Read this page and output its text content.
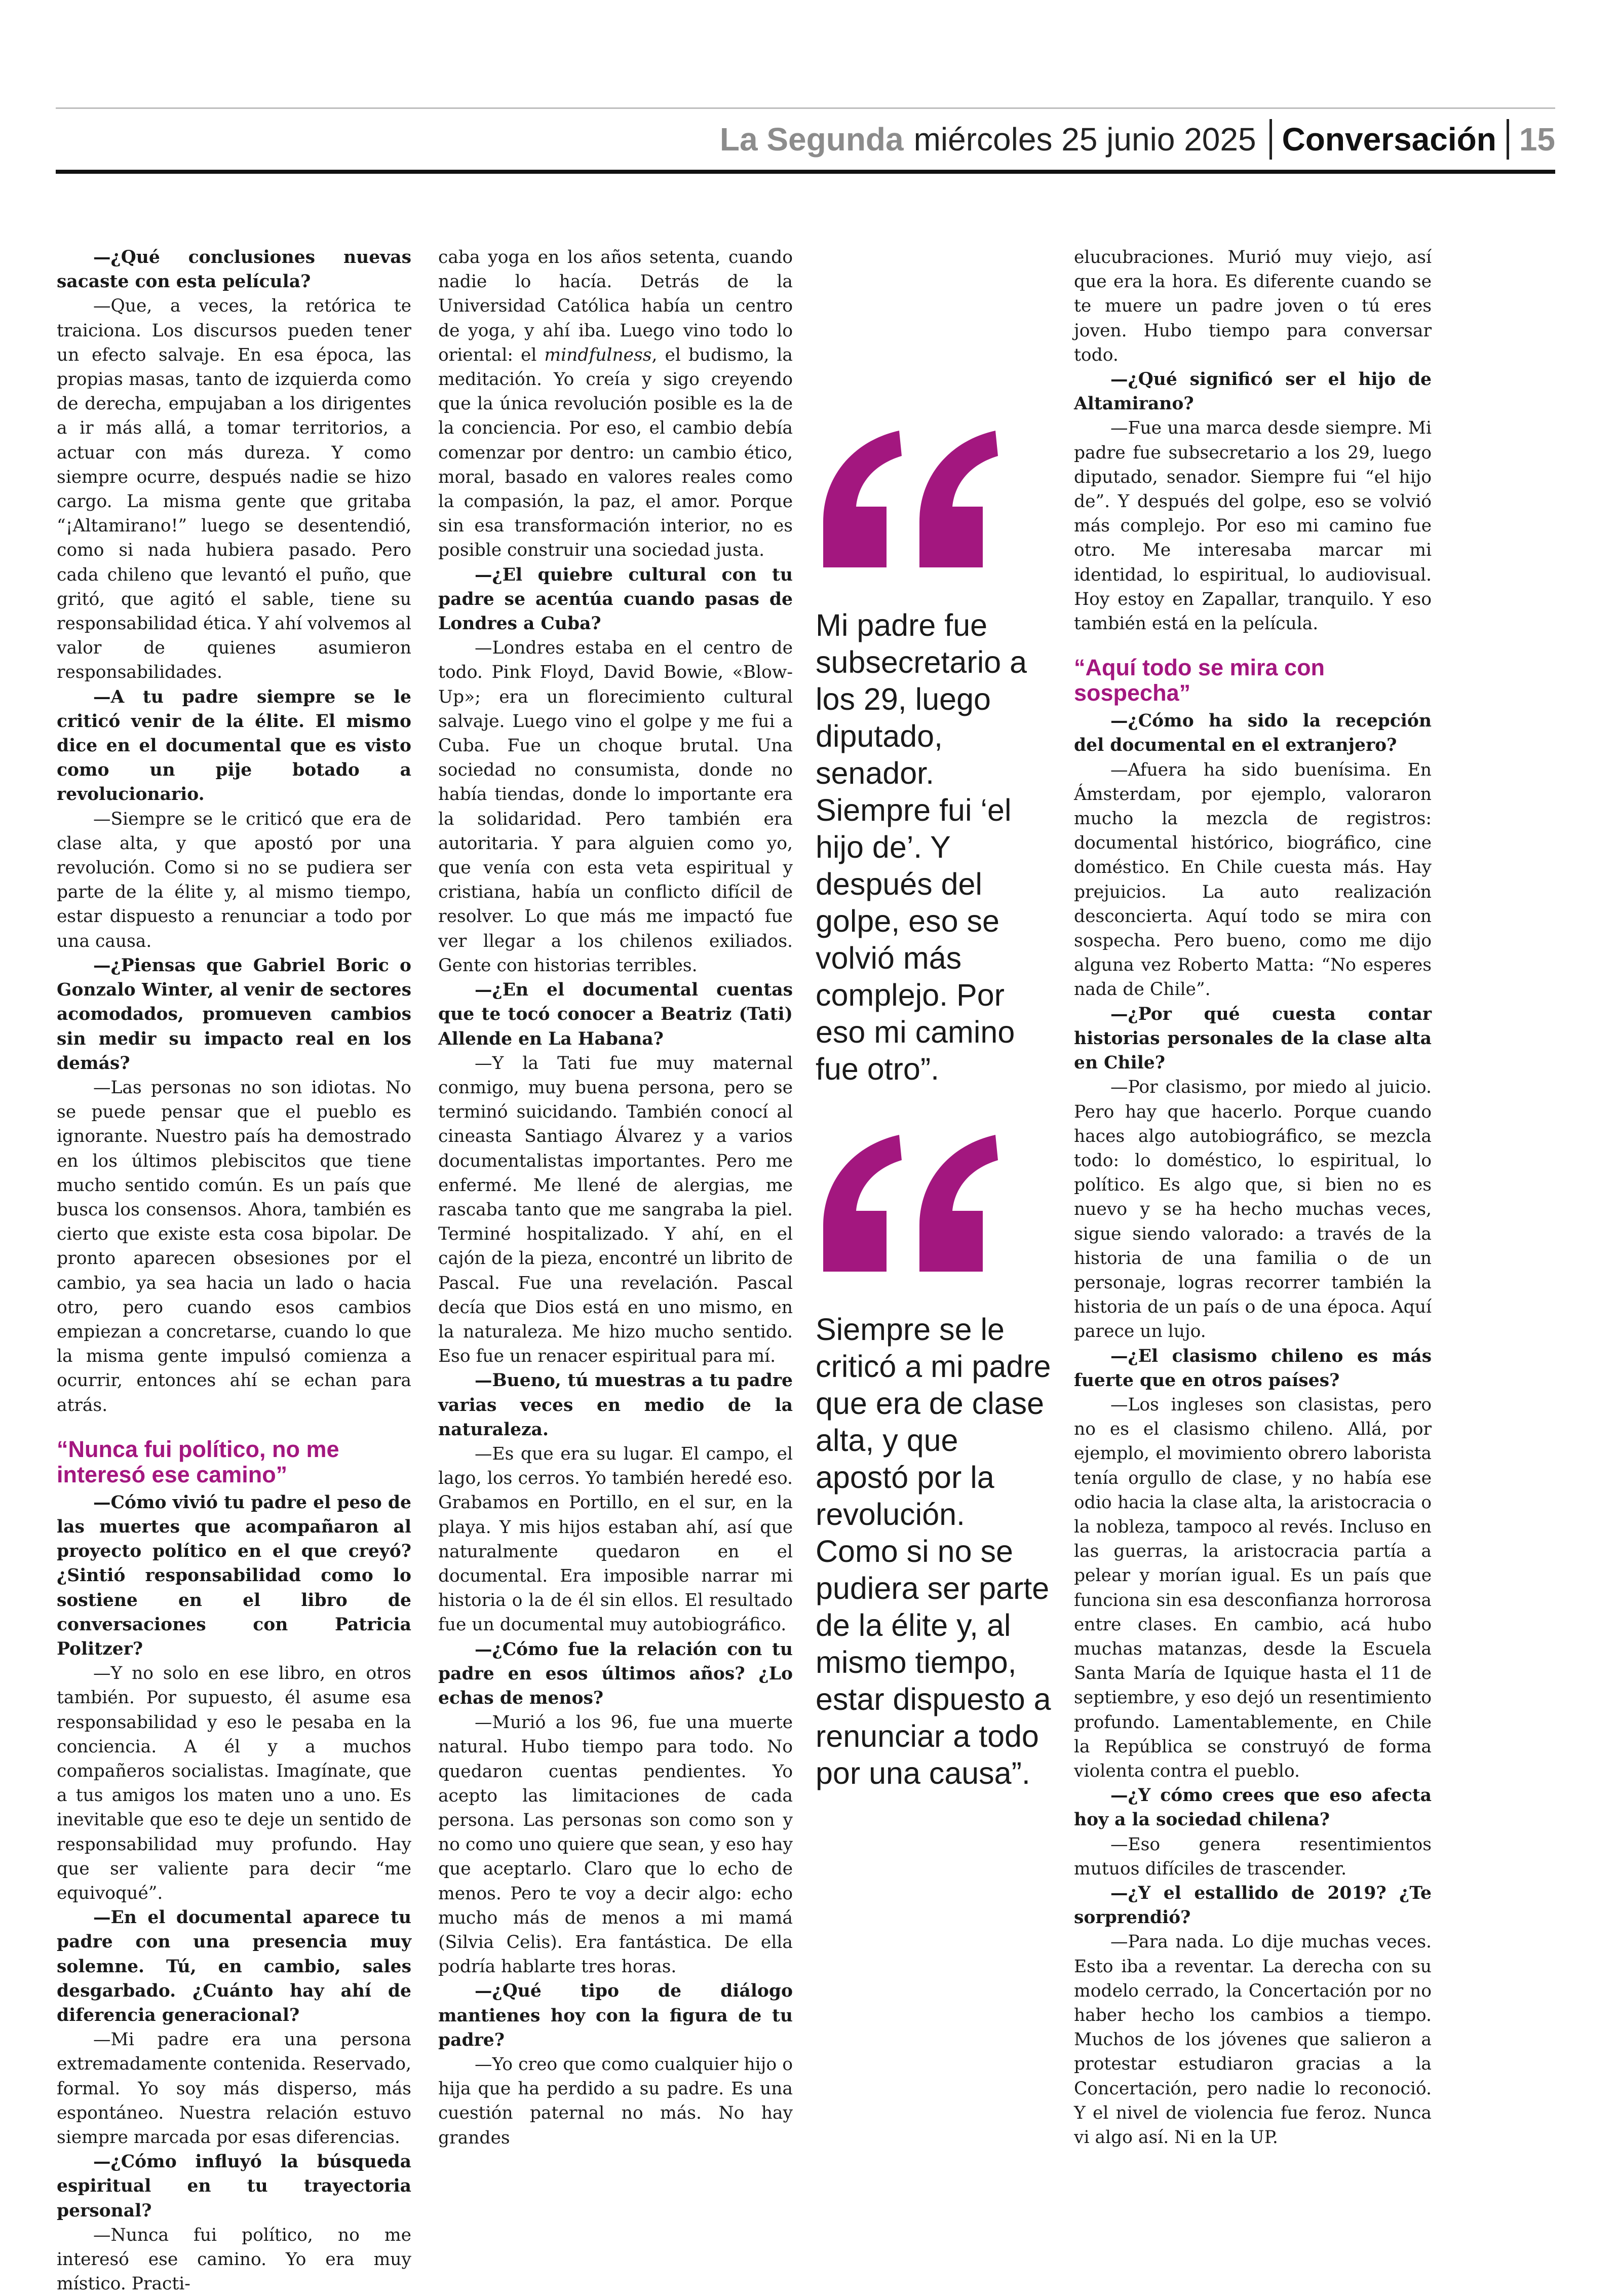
La Segunda miércoles 25 junio 2025 Conversación 15

—¿Qué conclusiones nuevas sacaste con esta película?

—Que, a veces, la retórica te traiciona. Los discursos pueden tener un efecto salvaje. En esa época, las propias masas, tanto de izquierda como de derecha, empujaban a los dirigentes a ir más allá, a tomar territorios, a actuar con más dureza. Y como siempre ocurre, después nadie se hizo cargo. La misma gente que gritaba “¡Altamirano!” luego se desentendió, como si nada hubiera pasado. Pero cada chileno que levantó el puño, que gritó, que agitó el sable, tiene su responsabilidad ética. Y ahí volvemos al valor de quienes asumieron responsabilidades.

—A tu padre siempre se le criticó venir de la élite. El mismo dice en el documental que es visto como un pije botado a revolucionario.

—Siempre se le criticó que era de clase alta, y que apostó por una revolución. Como si no se pudiera ser parte de la élite y, al mismo tiempo, estar dispuesto a renunciar a todo por una causa.

—¿Piensas que Gabriel Boric o Gonzalo Winter, al venir de sectores acomodados, promueven cambios sin medir su impacto real en los demás?

—Las personas no son idiotas. No se puede pensar que el pueblo es ignorante. Nuestro país ha demostrado en los últimos plebiscitos que tiene mucho sentido común. Es un país que busca los consensos. Ahora, también es cierto que existe esta cosa bipolar. De pronto aparecen obsesiones por el cambio, ya sea hacia un lado o hacia otro, pero cuando esos cambios empiezan a concretarse, cuando lo que la misma gente impulsó comienza a ocurrir, entonces ahí se echan para atrás.

“Nunca fui político, no me interesó ese camino”

—Cómo vivió tu padre el peso de las muertes que acompañaron al proyecto político en el que creyó? ¿Sintió responsabilidad como lo sostiene en el libro de conversaciones con Patricia Politzer?

—Y no solo en ese libro, en otros también. Por supuesto, él asume esa responsabilidad y eso le pesaba en la conciencia. A él y a muchos compañeros socialistas. Imagínate, que a tus amigos los maten uno a uno. Es inevitable que eso te deje un sentido de responsabilidad muy profundo. Hay que ser valiente para decir “me equivoqué”.

—En el documental aparece tu padre con una presencia muy solemne. Tú, en cambio, sales desgarbado. ¿Cuánto hay ahí de diferencia generacional?

—Mi padre era una persona extremadamente contenida. Reservado, formal. Yo soy más disperso, más espontáneo. Nuestra relación estuvo siempre marcada por esas diferencias.

—¿Cómo influyó la búsqueda espiritual en tu trayectoria personal?

—Nunca fui político, no me interesó ese camino. Yo era muy místico. Practi-

caba yoga en los años setenta, cuando nadie lo hacía. Detrás de la Universidad Católica había un centro de yoga, y ahí iba. Luego vino todo lo oriental: el mindfulness, el budismo, la meditación. Yo creía y sigo creyendo que la única revolución posible es la de la conciencia. Por eso, el cambio debía comenzar por dentro: un cambio ético, moral, basado en valores reales como la compasión, la paz, el amor. Porque sin esa transformación interior, no es posible construir una sociedad justa.

—¿El quiebre cultural con tu padre se acentúa cuando pasas de Londres a Cuba?

—Londres estaba en el centro de todo. Pink Floyd, David Bowie, «Blow-Up»; era un florecimiento cultural salvaje. Luego vino el golpe y me fui a Cuba. Fue un choque brutal. Una sociedad no consumista, donde no había tiendas, donde lo importante era la solidaridad. Pero también era autoritaria. Y para alguien como yo, que venía con esta veta espiritual y cristiana, había un conflicto difícil de resolver. Lo que más me impactó fue ver llegar a los chilenos exiliados. Gente con historias terribles.

—¿En el documental cuentas que te tocó conocer a Beatriz (Tati) Allende en La Habana?

—Y la Tati fue muy maternal conmigo, muy buena persona, pero se terminó suicidando. También conocí al cineasta Santiago Álvarez y a varios documentalistas importantes. Pero me enfermé. Me llené de alergias, me rascaba tanto que me sangraba la piel. Terminé hospitalizado. Y ahí, en el cajón de la pieza, encontré un librito de Pascal. Fue una revelación. Pascal decía que Dios está en uno mismo, en la naturaleza. Me hizo mucho sentido. Eso fue un renacer espiritual para mí.

—Bueno, tú muestras a tu padre varias veces en medio de la naturaleza.

—Es que era su lugar. El campo, el lago, los cerros. Yo también heredé eso. Grabamos en Portillo, en el sur, en la playa. Y mis hijos estaban ahí, así que naturalmente quedaron en el documental. Era imposible narrar mi historia o la de él sin ellos. El resultado fue un documental muy autobiográfico.

—¿Cómo fue la relación con tu padre en esos últimos años? ¿Lo echas de menos?

—Murió a los 96, fue una muerte natural. Hubo tiempo para todo. No quedaron cuentas pendientes. Yo acepto las limitaciones de cada persona. Las personas son como son y no como uno quiere que sean, y eso hay que aceptarlo. Claro que lo echo de menos. Pero te voy a decir algo: echo mucho más de menos a mi mamá (Silvia Celis). Era fantástica. De ella podría hablarte tres horas.

—¿Qué tipo de diálogo mantienes hoy con la figura de tu padre?

—Yo creo que como cualquier hijo o hija que ha perdido a su padre. Es una cuestión paternal no más. No hay grandes

Mi padre fue subsecretario a los 29, luego diputado, senador. Siempre fui ‘el hijo de’. Y después del golpe, eso se volvió más complejo. Por eso mi camino fue otro”.
Siempre se le criticó a mi padre que era de clase alta, y que apostó por la revolución. Como si no se pudiera ser parte de la élite y, al mismo tiempo, estar dispuesto a renunciar a todo por una causa”.

elucubraciones. Murió muy viejo, así que era la hora. Es diferente cuando se te muere un padre joven o tú eres joven. Hubo tiempo para conversar todo.

—¿Qué significó ser el hijo de Altamirano?

—Fue una marca desde siempre. Mi padre fue subsecretario a los 29, luego diputado, senador. Siempre fui “el hijo de”. Y después del golpe, eso se volvió más complejo. Por eso mi camino fue otro. Me interesaba marcar mi identidad, lo espiritual, lo audiovisual. Hoy estoy en Zapallar, tranquilo. Y eso también está en la película.

“Aquí todo se mira con sospecha”

—¿Cómo ha sido la recepción del documental en el extranjero?

—Afuera ha sido buenísima. En Ámsterdam, por ejemplo, valoraron mucho la mezcla de registros: documental histórico, biográfico, cine doméstico. En Chile cuesta más. Hay prejuicios. La auto realización desconcierta. Aquí todo se mira con sospecha. Pero bueno, como me dijo alguna vez Roberto Matta: “No esperes nada de Chile”.

—¿Por qué cuesta contar historias personales de la clase alta en Chile?

—Por clasismo, por miedo al juicio. Pero hay que hacerlo. Porque cuando haces algo autobiográfico, se mezcla todo: lo doméstico, lo espiritual, lo político. Es algo que, si bien no es nuevo y se ha hecho muchas veces, sigue siendo valorado: a través de la historia de una familia o de un personaje, logras recorrer también la historia de un país o de una época. Aquí parece un lujo.

—¿El clasismo chileno es más fuerte que en otros países?

—Los ingleses son clasistas, pero no es el clasismo chileno. Allá, por ejemplo, el movimiento obrero laborista tenía orgullo de clase, y no había ese odio hacia la clase alta, la aristocracia o la nobleza, tampoco al revés. Incluso en las guerras, la aristocracia partía a pelear y morían igual. Es un país que funciona sin esa desconfianza horrorosa entre clases. En cambio, acá hubo muchas matanzas, desde la Escuela Santa María de Iquique hasta el 11 de septiembre, y eso dejó un resentimiento profundo. Lamentablemente, en Chile la República se construyó de forma violenta contra el pueblo.

—¿Y cómo crees que eso afecta hoy a la sociedad chilena?

—Eso genera resentimientos mutuos difíciles de trascender.

—¿Y el estallido de 2019? ¿Te sorprendió?

—Para nada. Lo dije muchas veces. Esto iba a reventar. La derecha con su modelo cerrado, la Concertación por no haber hecho los cambios a tiempo. Muchos de los jóvenes que salieron a protestar estudiaron gracias a la Concertación, pero nadie lo reconoció. Y el nivel de violencia fue feroz. Nunca vi algo así. Ni en la UP.
